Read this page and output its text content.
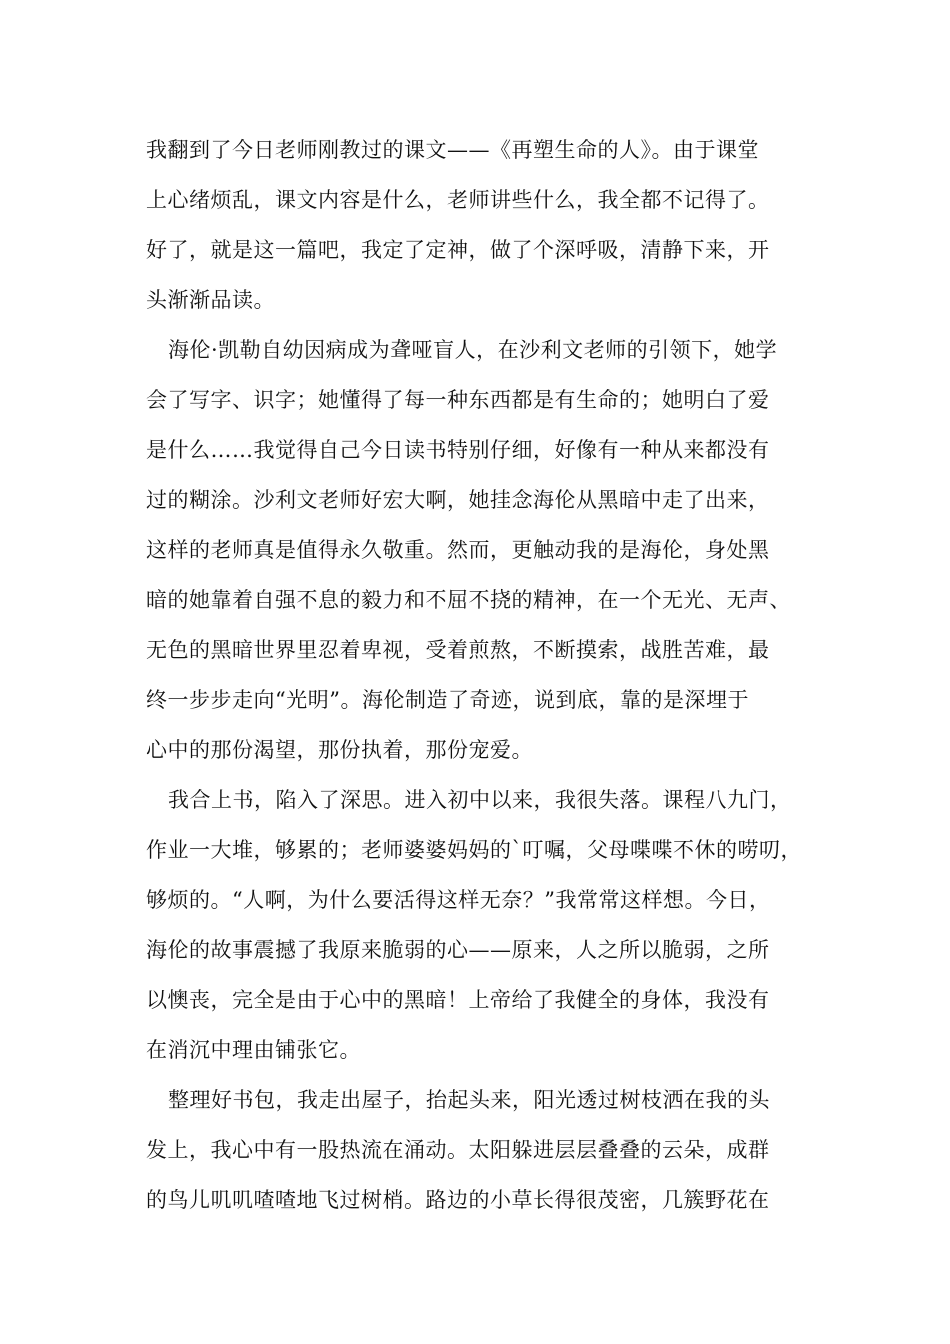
我翻到了今日老师刚教过的课文——《再塑生命的人》。由于课堂
上心绪烦乱，课文内容是什么，老师讲些什么，我全都不记得了。
好了，就是这一篇吧，我定了定神，做了个深呼吸，清静下来，开
头渐渐品读。
海伦·凯勒自幼因病成为聋哑盲人，在沙利文老师的引领下，她学
会了写字、识字；她懂得了每一种东西都是有生命的；她明白了爱
是什么……我觉得自己今日读书特别仔细，好像有一种从来都没有
过的糊涂。沙利文老师好宏大啊，她挂念海伦从黑暗中走了出来，
这样的老师真是值得永久敬重。然而，更触动我的是海伦，身处黑
暗的她靠着自强不息的毅力和不屈不挠的精神，在一个无光、无声、
无色的黑暗世界里忍着卑视，受着煎熬，不断摸索，战胜苦难，最
终一步步走向“光明”。海伦制造了奇迹，说到底，靠的是深埋于
心中的那份渴望，那份执着，那份宠爱。
我合上书，陷入了深思。进入初中以来，我很失落。课程八九门，
作业一大堆，够累的；老师婆婆妈妈的`叮嘱，父母喋喋不休的唠叨，
够烦的。“人啊，为什么要活得这样无奈？”我常常这样想。今日，
海伦的故事震撼了我原来脆弱的心——原来，人之所以脆弱，之所
以懊丧，完全是由于心中的黑暗！上帝给了我健全的身体，我没有
在消沉中理由铺张它。
整理好书包，我走出屋子，抬起头来，阳光透过树枝洒在我的头
发上，我心中有一股热流在涌动。太阳躲进层层叠叠的云朵，成群
的鸟儿叽叽喳喳地飞过树梢。路边的小草长得很茂密，几簇野花在
